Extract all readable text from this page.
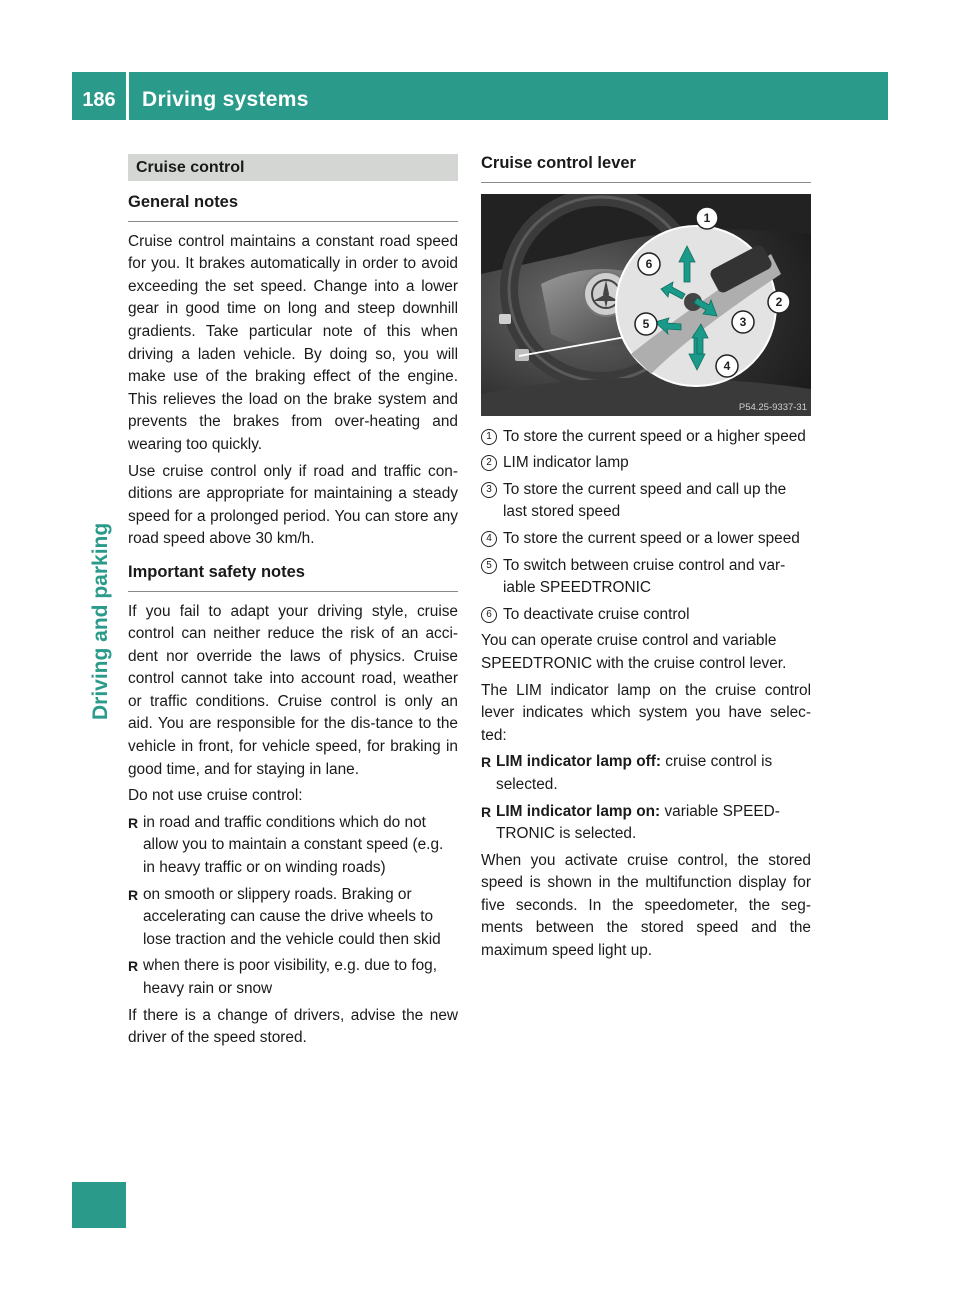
186	Driving systems
Driving and parking
Cruise control
General notes

Cruise control maintains a constant road speed for you. It brakes automatically in order to avoid exceeding the set speed. Change into a lower gear in good time on long and steep downhill gradients. Take particular note of this when driving a laden vehicle. By doing so, you will make use of the braking effect of the engine. This relieves the load on the brake system and prevents the brakes from over-heating and wearing too quickly.

Use cruise control only if road and traffic con-ditions are appropriate for maintaining a steady speed for a prolonged period. You can store any road speed above 30 km/h.

Important safety notes

If you fail to adapt your driving style, cruise control can neither reduce the risk of an acci-dent nor override the laws of physics. Cruise control cannot take into account road, weather or traffic conditions. Cruise control is only an aid. You are responsible for the dis-tance to the vehicle in front, for vehicle speed, for braking in good time, and for staying in lane.

Do not use cruise control:

R in road and traffic conditions which do not allow you to maintain a constant speed (e.g. in heavy traffic or on winding roads)
R on smooth or slippery roads. Braking or accelerating can cause the drive wheels to lose traction and the vehicle could then skid
R when there is poor visibility, e.g. due to fog, heavy rain or snow

If there is a change of drivers, advise the new driver of the speed stored.

Cruise control lever
1
2
3
4
5
6
P54.25-9337-31
1 To store the current speed or a higher speed
2 LIM indicator lamp
3 To store the current speed and call up the last stored speed
4 To store the current speed or a lower speed
5 To switch between cruise control and var-iable SPEEDTRONIC
6 To deactivate cruise control

You can operate cruise control and variable SPEEDTRONIC with the cruise control lever.

The LIM indicator lamp on the cruise control lever indicates which system you have selec-ted:

R LIM indicator lamp off: cruise control is selected.
R LIM indicator lamp on: variable SPEED-TRONIC is selected.

When you activate cruise control, the stored speed is shown in the multifunction display for five seconds. In the speedometer, the seg-ments between the stored speed and the maximum speed light up.
